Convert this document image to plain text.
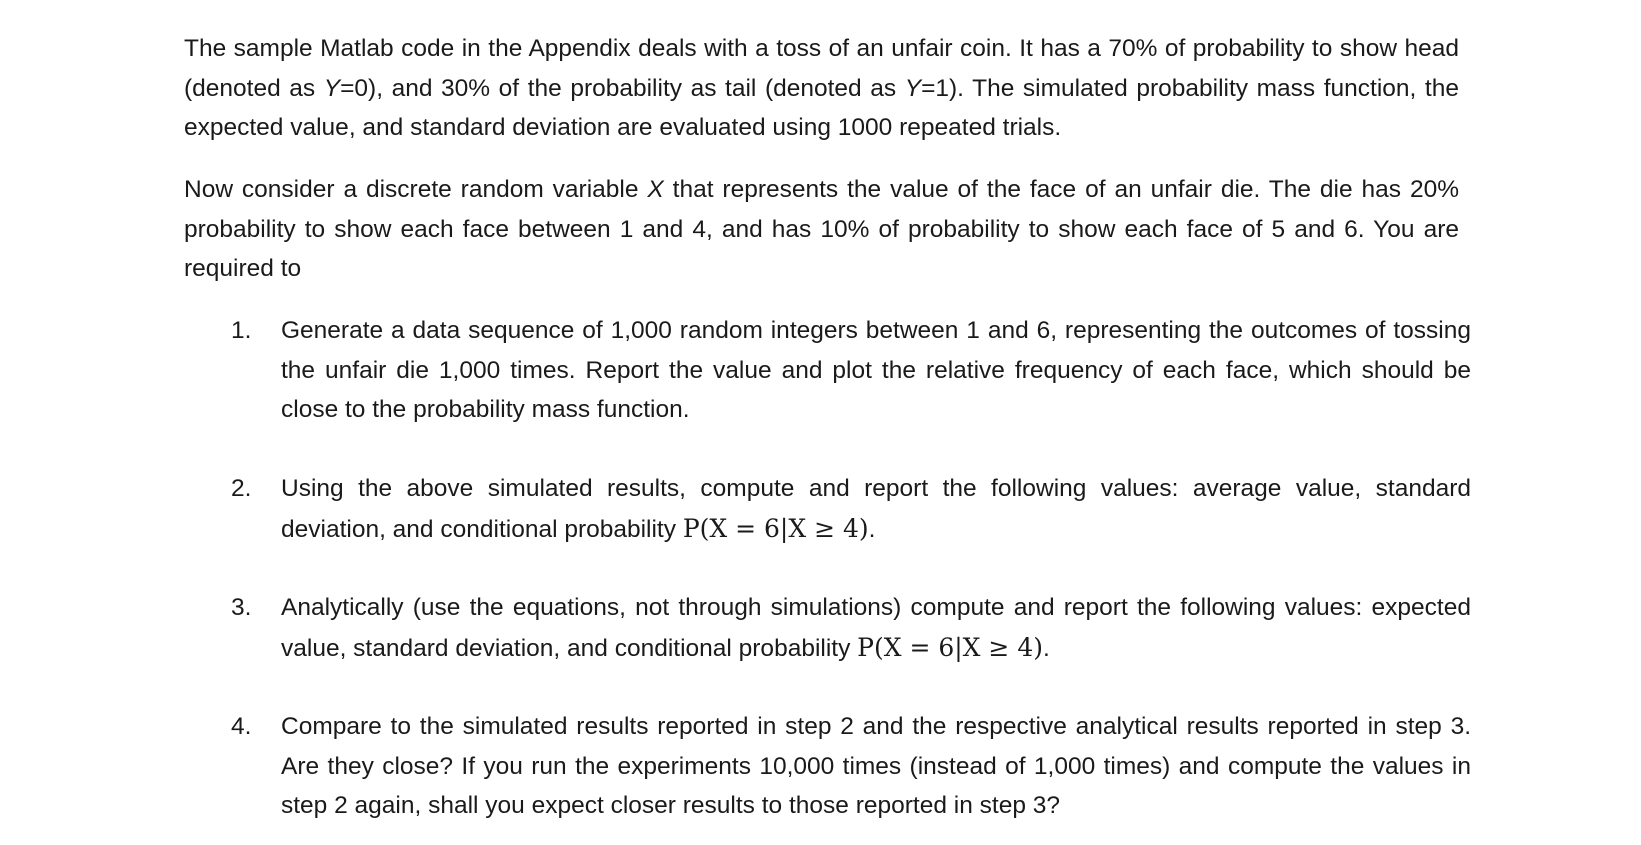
The sample Matlab code in the Appendix deals with a toss of an unfair coin. It has a 70% of probability to show head (denoted as Y=0), and 30% of the probability as tail (denoted as Y=1). The simulated probability mass function, the expected value, and standard deviation are evaluated using 1000 repeated trials.

Now consider a discrete random variable X that represents the value of the face of an unfair die. The die has 20% probability to show each face between 1 and 4, and has 10% of probability to show each face of 5 and 6. You are required to

1.	Generate a data sequence of 1,000 random integers between 1 and 6, representing the outcomes of tossing the unfair die 1,000 times. Report the value and plot the relative frequency of each face, which should be close to the probability mass function.
2.	Using the above simulated results, compute and report the following values: average value, standard deviation, and conditional probability P(X = 6|X ≥ 4).
3.	Analytically (use the equations, not through simulations) compute and report the following values: expected value, standard deviation, and conditional probability P(X = 6|X ≥ 4).
4.	Compare to the simulated results reported in step 2 and the respective analytical results reported in step 3. Are they close? If you run the experiments 10,000 times (instead of 1,000 times) and compute the values in step 2 again, shall you expect closer results to those reported in step 3?
